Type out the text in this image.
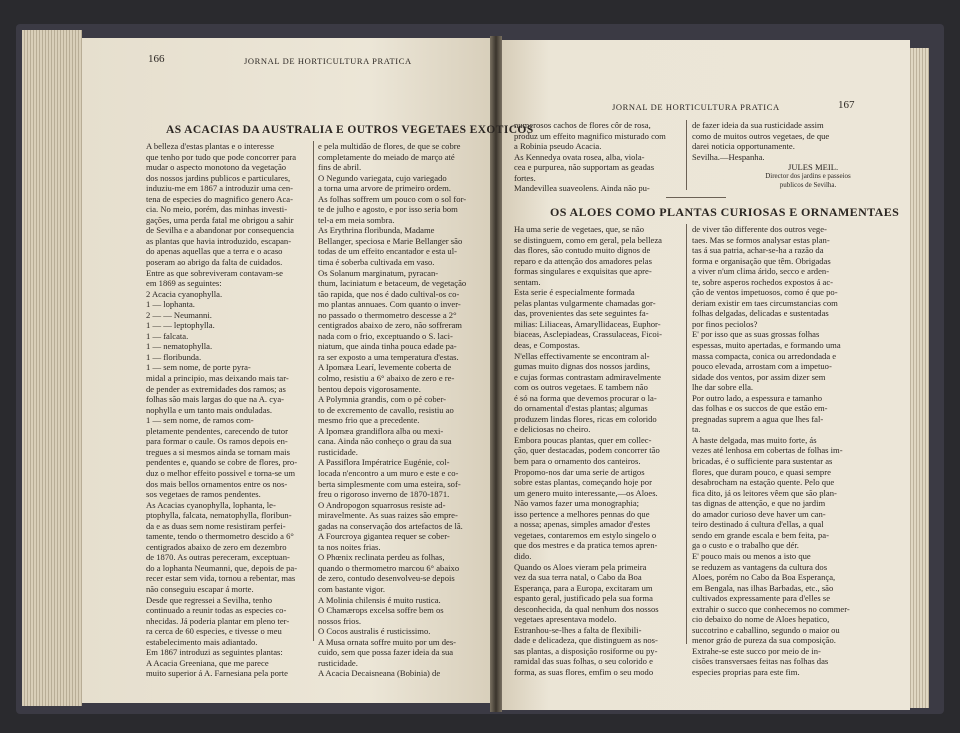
166	JORNAL DE HORTICULTURA PRATICA
AS ACACIAS DA AUSTRALIA E OUTROS VEGETAES EXOTICOS
A belleza d'estas plantas e o interesse
que tenho por tudo que pode concorrer para
mudar o aspecto monotono da vegetação
dos nossos jardins publicos e particulares,
induziu-me em 1867 a introduzir uma cen-
tena de especies do magnifico genero Aca-
cia. No meio, porém, das minhas investi-
gações, uma perda fatal me obrigou a sahir
de Sevilha e a abandonar por consequencia
as plantas que havia introduzido, escapan-
do apenas aquellas que a terra e o acaso
poseram ao abrigo da falta de cuidados.
Entre as que sobreviveram contavam-se
em 1869 as seguintes:
2 Acacia cyanophylla.
1 — lophanta.
2 — — Neumanni.
1 — — leptophylla.
1 — falcata.
1 — nematophylla.
1 — floribunda.
1 — sem nome, de porte pyra-
midal a principio, mas deixando mais tar-
de pender as extremidades dos ramos; as
folhas são mais largas do que na A. cya-
nophylla e um tanto mais onduladas.
1 — sem nome, de ramos com-
pletamente pendentes, carecendo de tutor
para formar o caule. Os ramos depois en-
tregues a si mesmos ainda se tornam mais
pendentes e, quando se cobre de flores, pro-
duz o melhor effeito possivel e torna-se um
dos mais bellos ornamentos entre os nos-
sos vegetaes de ramos pendentes.
As Acacias cyanophylla, lophanta, le-
ptophylla, falcata, nematophylla, floribun-
da e as duas sem nome resistiram perfei-
tamente, tendo o thermometro descido a 6°
centigrados abaixo de zero em dezembro
de 1870. As outras pereceram, exceptuan-
do a lophanta Neumanni, que, depois de pa-
recer estar sem vida, tornou a rebentar, mas
não conseguiu escapar á morte.
Desde que regressei a Sevilha, tenho
continuado a reunir todas as especies co-
nhecidas. Já poderia plantar em pleno ter-
ra cerca de 60 especies, e tivesse o meu
estabelecimento mais adiantado.
Em 1867 introduzi as seguintes plantas:
A Acacia Greeniana, que me parece
muito superior á A. Farnesiana pela porte
e pela multidão de flores, de que se cobre
completamente do meiado de março até
fins de abril.
O Negundo variegata, cujo variegado
a torna uma arvore de primeiro ordem.
As folhas soffrem um pouco com o sol for-
te de julho e agosto, e por isso seria bom
tel-a em meia sombra.
As Erythrina floribunda, Madame
Bellanger, speciosa e Marie Bellanger são
todas de um effeito encantador e esta ul-
tima é soberba cultivada em vaso.
Os Solanum marginatum, pyracan-
thum, laciniatum e betaceum, de vegetação
tão rapida, que nos é dado cultival-os co-
mo plantas annuaes. Com quanto o inver-
no passado o thermometro descesse a 2°
centigrados abaixo de zero, não soffreram
nada com o frio, exceptuando o S. laci-
niatum, que ainda tinha pouca edade pa-
ra ser exposto a uma temperatura d'estas.
A Ipomæa Learí, levemente coberta de
colmo, resistiu a 6° abaixo de zero e re-
bentou depois vigorosamente.
A Polymnia grandis, com o pé cober-
to de excremento de cavallo, resistiu ao
mesmo frio que a precedente.
A Ipomæa grandiflora alba ou mexi-
cana. Ainda não conheço o grau da sua
rusticidade.
A Passiflora Impératrice Eugénie, col-
locada n'encontro a um muro e este e co-
berta simplesmente com uma esteira, sof-
freu o rigoroso inverno de 1870-1871.
O Andropogon squarrosus resiste ad-
miravelmente. As suas raizes são empre-
gadas na conservação dos artefactos de lã.
A Fourcroya gigantea requer se cober-
ta nos noites frias.
O Phœnix reclinata perdeu as folhas,
quando o thermometro marcou 6° abaixo
de zero, contudo desenvolveu-se depois
com bastante vigor.
A Molinia chilensis é muito rustica.
O Chamærops excelsa soffre bem os
nossos frios.
O Cocos australis é rusticissimo.
A Musa ornata soffre muito por um des-
cuido, sem que possa fazer ideia da sua
rusticidade.
A Acacia Decaisneana (Bobinia) de
JORNAL DE HORTICULTURA PRATICA	167
numerosos cachos de flores côr de rosa,
produz um effeito magnifico misturado com
a Robinia pseudo Acacia.
As Kennedya ovata rosea, alba, viola-
cea e purpurea, não supportam as geadas
fortes.
Mandevillea suaveolens. Ainda não pu-
de fazer ideia da sua rusticidade assim
como de muitos outros vegetaes, de que
darei noticia opportunamente.
Sevilha.—Hespanha.
JULES MEIL.
Director dos jardins e passeios
publicos de Sevilha.
OS ALOES COMO PLANTAS CURIOSAS E ORNAMENTAES
Ha uma serie de vegetaes, que, se não
se distinguem, como em geral, pela belleza
das flores, são contudo muito dignos de
reparo e da attenção dos amadores pelas
formas singulares e exquisitas que apre-
sentam.
Esta serie é especialmente formada
pelas plantas vulgarmente chamadas gor-
das, provenientes das sete seguintes fa-
milias: Liliaceas, Amaryllidaceas, Euphor-
biaceas, Asclepiadeas, Crassulaceas, Ficoi-
deas, e Compostas.
N'ellas effectivamente se encontram al-
gumas muito dignas dos nossos jardins,
e cujas formas contrastam admiravelmente
com os outros vegetaes. E tambem não
é só na forma que devemos procurar o la-
do ornamental d'estas plantas; algumas
produzem lindas flores, ricas em colorido
e deliciosas no cheiro.
Embora poucas plantas, quer em collec-
ção, quer destacadas, podem concorrer tão
bem para o ornamento dos canteiros.
Propomo-nos dar uma serie de artigos
sobre estas plantas, começando hoje por
um genero muito interessante,—os Aloes.
Não vamos fazer uma monographia;
isso pertence a melhores pennas do que
a nossa; apenas, simples amador d'estes
vegetaes, contaremos em estylo singelo o
que dos mestres e da pratica temos apren-
dido.
Quando os Aloes vieram pela primeira
vez da sua terra natal, o Cabo da Boa
Esperança, para a Europa, excitaram um
espanto geral, justificado pela sua forma
desconhecida, da qual nenhum dos nossos
vegetaes apresentava modelo.
Estranhou-se-lhes a falta de flexibili-
dade e delicadeza, que distinguem as nos-
sas plantas, a disposição rosiforme ou py-
ramidal das suas folhas, o seu colorido e
forma, as suas flores, emfim o seu modo
de viver tão differente dos outros vege-
taes. Mas se formos analysar estas plan-
tas á sua patria, achar-se-ha a razão da
forma e organisação que têm. Obrigadas
a viver n'um clima árido, secco e arden-
te, sobre asperos rochedos expostos á ac-
ção de ventos impetuosos, como é que po-
deriam existir em taes circumstancias com
folhas delgadas, delicadas e sustentadas
por finos peciolos?
E' por isso que as suas grossas folhas
espessas, muito apertadas, e formando uma
massa compacta, conica ou arredondada e
pouco elevada, arrostam com a impetuo-
sidade dos ventos, por assim dizer sem
lhe dar sobre ella.
Por outro lado, a espessura e tamanho
das folhas e os succos de que estão em-
pregnadas suprem a agua que lhes fal-
ta.
A haste delgada, mas muito forte, ás
vezes até lenhosa em cobertas de folhas im-
bricadas, é o sufficiente para sustentar as
flores, que duram pouco, e quasi sempre
desabrocham na estação quente. Pelo que
fica dito, já os leitores vêem que são plan-
tas dignas de attenção, e que no jardim
do amador curioso deve haver um can-
teiro destinado á cultura d'ellas, a qual
sendo em grande escala e bem feita, pa-
ga o custo e o trabalho que dér.
E' pouco mais ou menos a isto que
se reduzem as vantagens da cultura dos
Aloes, porém no Cabo da Boa Esperança,
em Bengala, nas ilhas Barbadas, etc., são
cultivados expressamente para d'elles se
extrahir o succo que conhecemos no commer-
cio debaixo do nome de Aloes hepatico,
succotrino e caballino, segundo o maior ou
menor gráo de pureza da sua composição.
Extrahe-se este succo por meio de in-
cisões transversaes feitas nas folhas das
especies proprias para este fim.
